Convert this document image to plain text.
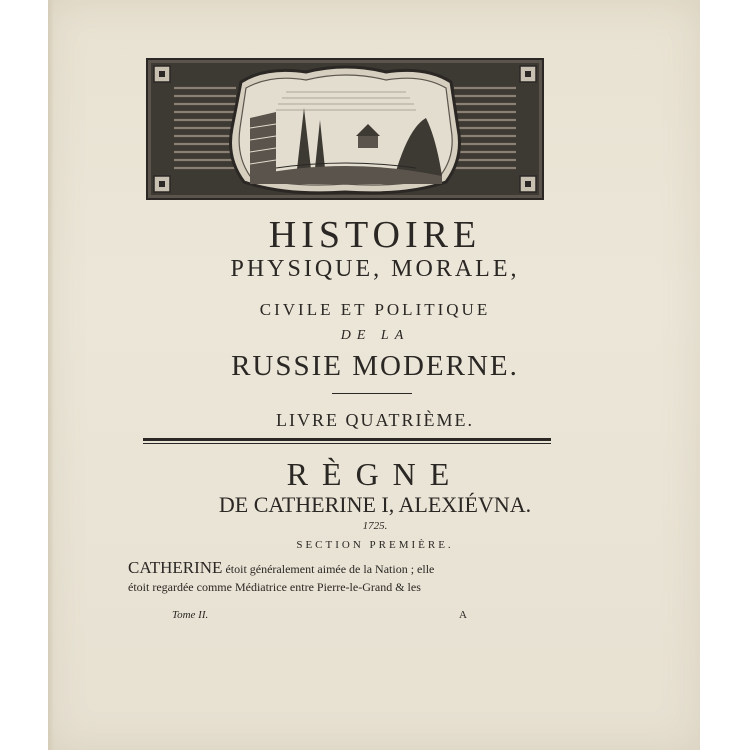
HISTOIRE
PHYSIQUE, MORALE,
CIVILE ET POLITIQUE
DE LA
RUSSIE MODERNE.
LIVRE QUATRIÈME.
RÈGNE
DE CATHERINE I, ALEXIÉVNA.
1725.
SECTION PREMIÈRE.
CATHERINE étoit généralement aimée de la Nation ; elle
étoit regardée comme Médiatrice entre Pierre-le-Grand & les
Tome II.	A
